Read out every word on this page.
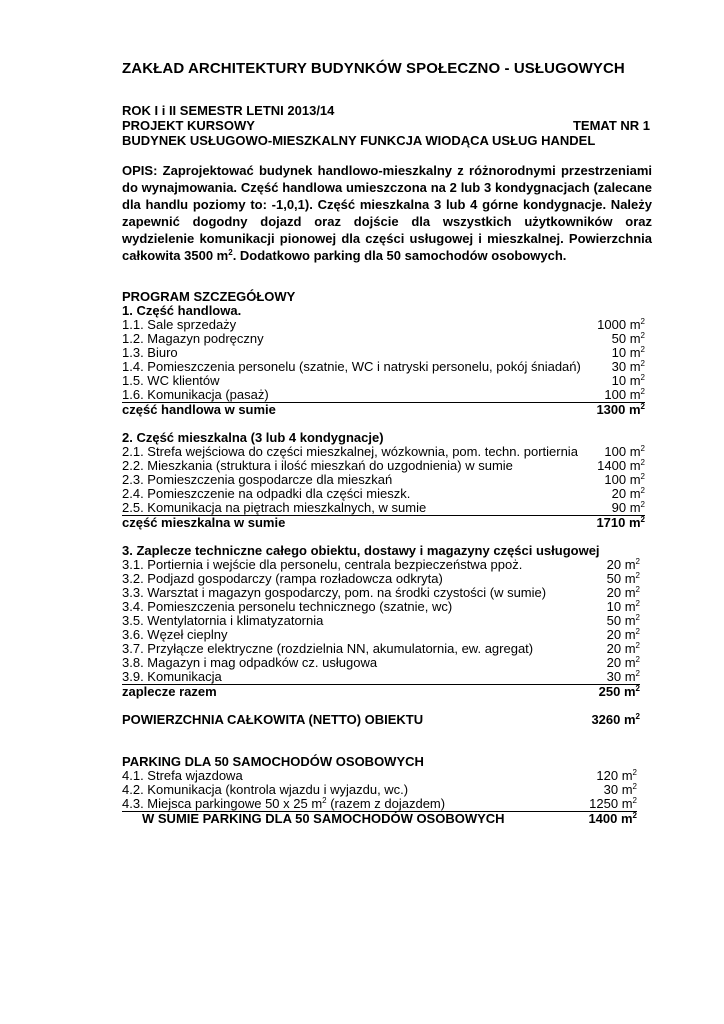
ZAKŁAD ARCHITEKTURY BUDYNKÓW SPOŁECZNO - USŁUGOWYCH
ROK I i II SEMESTR LETNI 2013/14
PROJEKT KURSOWY	TEMAT NR 1
BUDYNEK USŁUGOWO-MIESZKALNY FUNKCJA WIODĄCA USŁUG HANDEL

OPIS: Zaprojektować budynek handlowo-mieszkalny z różnorodnymi przestrzeniami do wynajmowania. Część handlowa umieszczona na 2 lub 3 kondygnacjach (zalecane dla handlu poziomy to: -1,0,1). Część mieszkalna 3 lub 4 górne kondygnacje. Należy zapewnić dogodny dojazd oraz dojście dla wszystkich użytkowników oraz wydzielenie komunikacji pionowej dla części usługowej i mieszkalnej. Powierzchnia całkowita 3500 $m^2$. Dodatkowo parking dla 50 samochodów osobowych.

PROGRAM SZCZEGÓŁOWY
1. Część handlowa.
1.1. Sale sprzedaży	1000 $m^2$
1.2. Magazyn podręczny	50 $m^2$
1.3. Biuro	10 $m^2$
1.4. Pomieszczenia personelu (szatnie, WC i natryski personelu, pokój śniadań) 30 $m^2$
1.5. WC klientów	10 $m^2$
1.6. Komunikacja (pasaż)	100 $m^2$
część handlowa w sumie	1300 $m^2$
2. Część mieszkalna (3 lub 4 kondygnacje)
2.1. Strefa wejściowa do części mieszkalnej, wózkownia, pom. techn. portiernia 100 $m^2$
2.2. Mieszkania (struktura i ilość mieszkań do uzgodnienia) w sumie	1400 $m^2$
2.3. Pomieszczenia gospodarcze dla mieszkań	100 $m^2$
2.4. Pomieszczenie na odpadki dla części mieszk.	20 $m^2$
2.5. Komunikacja na piętrach mieszkalnych, w sumie	90 $m^2$
część mieszkalna w sumie	1710 $m^2$
3. Zaplecze techniczne całego obiektu, dostawy i magazyny części usługowej
3.1. Portiernia i wejście dla personelu, centrala bezpieczeństwa ppoż.	20 $m^2$
3.2. Podjazd gospodarczy (rampa rozładowcza odkryta)	50 $m^2$
3.3. Warsztat i magazyn gospodarczy, pom. na środki czystości (w sumie)	20 $m^2$
3.4. Pomieszczenia personelu technicznego (szatnie, wc)	10 $m^2$
3.5. Wentylatornia i klimatyzatornia	50 $m^2$
3.6. Węzeł cieplny	20 $m^2$
3.7. Przyłącze elektryczne (rozdzielnia NN, akumulatornia, ew. agregat)	20 $m^2$
3.8. Magazyn i mag odpadków cz. usługowa	20 $m^2$
3.9. Komunikacja	30 $m^2$
zaplecze razem	250 $m^2$
POWIERZCHNIA CAŁKOWITA (NETTO) OBIEKTU	3260 $m^2$
PARKING DLA 50 SAMOCHODÓW OSOBOWYCH
4.1. Strefa wjazdowa	120 $m^2$
4.2. Komunikacja (kontrola wjazdu i wyjazdu, wc.)	30 $m^2$
4.3. Miejsca parkingowe 50 x 25 $m^2$ (razem z dojazdem)	1250 $m^2$
W SUMIE PARKING DLA 50 SAMOCHODÓW OSOBOWYCH	1400 $m^2$
